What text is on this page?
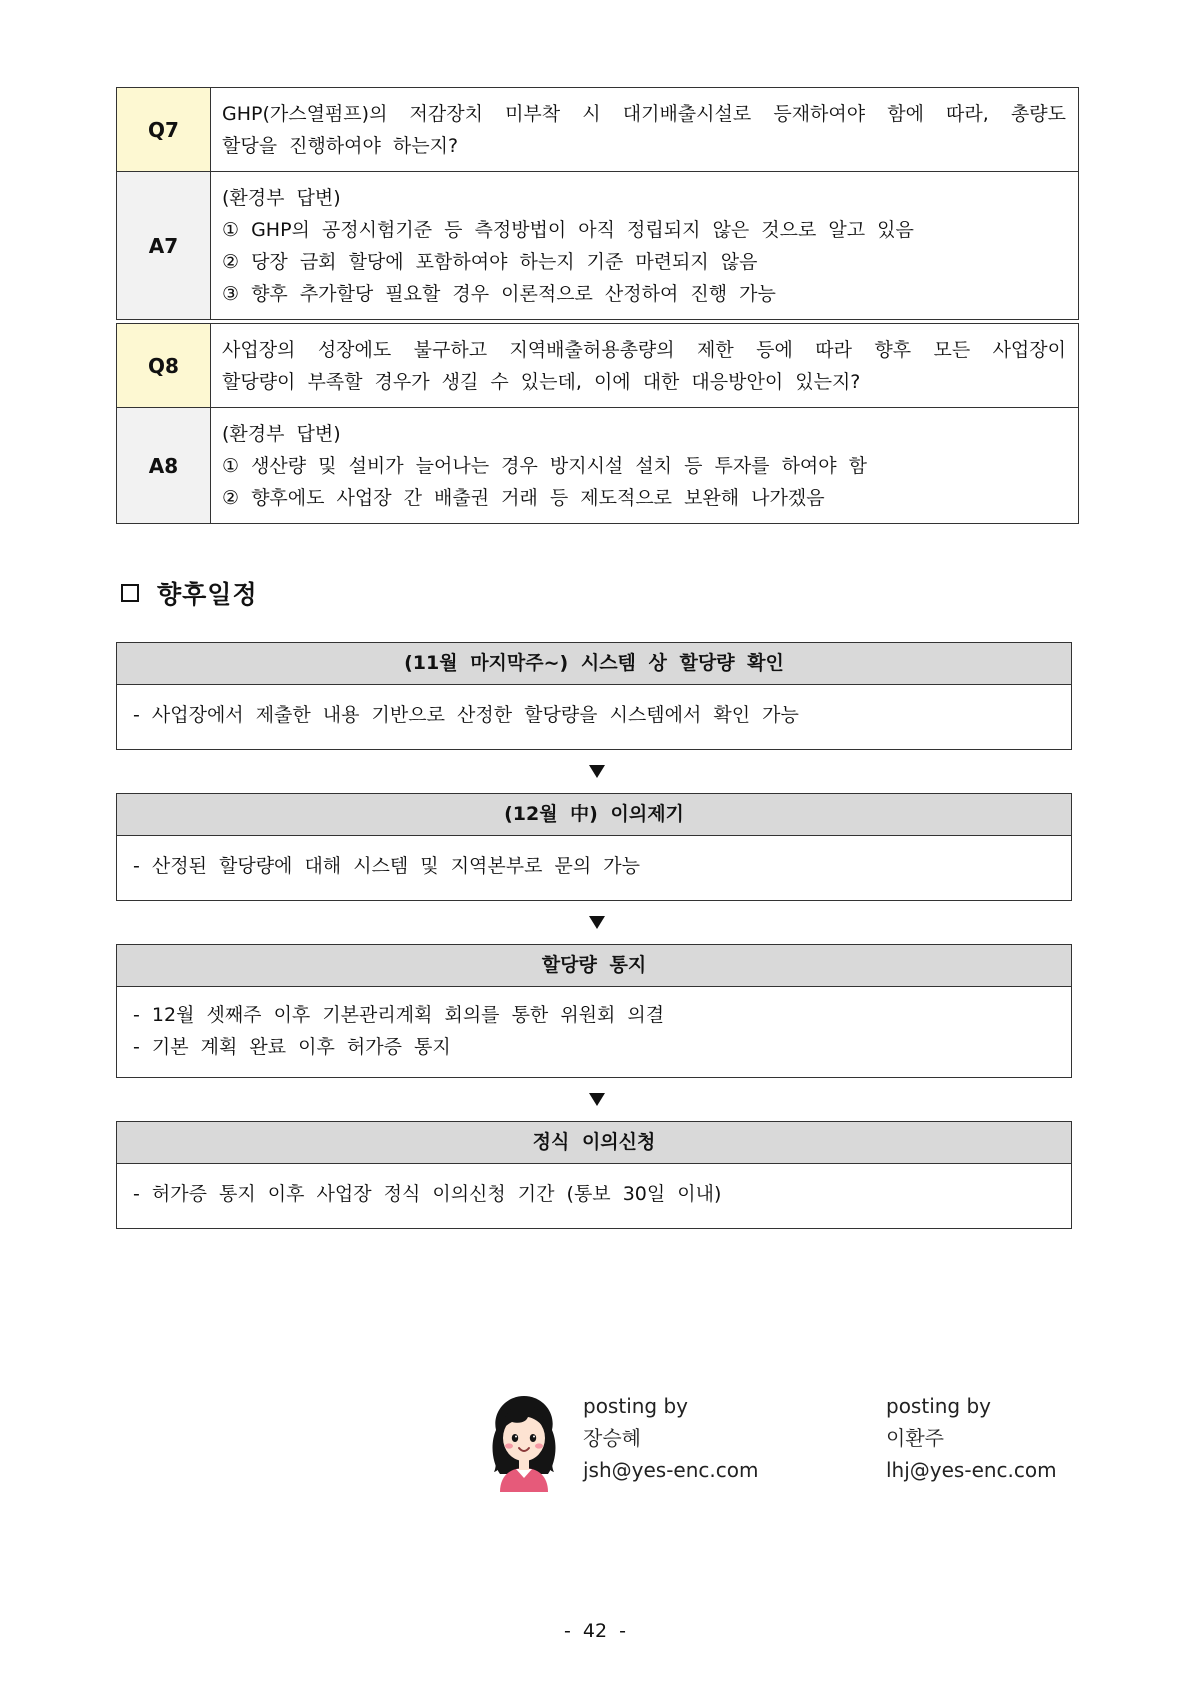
Q7	GHP(가스열펌프)의 저감장치 미부착 시 대기배출시설로 등재하여야 함에 따라, 총량도
할당을 진행하여야 하는지?

A7	(환경부 답변)
① GHP의 공정시험기준 등 측정방법이 아직 정립되지 않은 것으로 알고 있음
② 당장 금회 할당에 포함하여야 하는지 기준 마련되지 않음
③ 향후 추가할당 필요할 경우 이론적으로 산정하여 진행 가능
Q8	사업장의 성장에도 불구하고 지역배출허용총량의 제한 등에 따라 향후 모든 사업장이
할당량이 부족할 경우가 생길 수 있는데, 이에 대한 대응방안이 있는지?

A8	(환경부 답변)
① 생산량 및 설비가 늘어나는 경우 방지시설 설치 등 투자를 하여야 함
② 향후에도 사업장 간 배출권 거래 등 제도적으로 보완해 나가겠음
향후일정
(11월 마지막주~) 시스템 상 할당량 확인
- 사업장에서 제출한 내용 기반으로 산정한 할당량을 시스템에서 확인 가능
(12월 中) 이의제기
- 산정된 할당량에 대해 시스템 및 지역본부로 문의 가능
할당량 통지
- 12월 셋째주 이후 기본관리계획 회의를 통한 위원회 의결
- 기본 계획 완료 이후 허가증 통지
정식 이의신청
- 허가증 통지 이후 사업장 정식 이의신청 기간 (통보 30일 이내)
posting by
장승혜
jsh@yes-enc.com
posting by
이환주
lhj@yes-enc.com
- 42 -
